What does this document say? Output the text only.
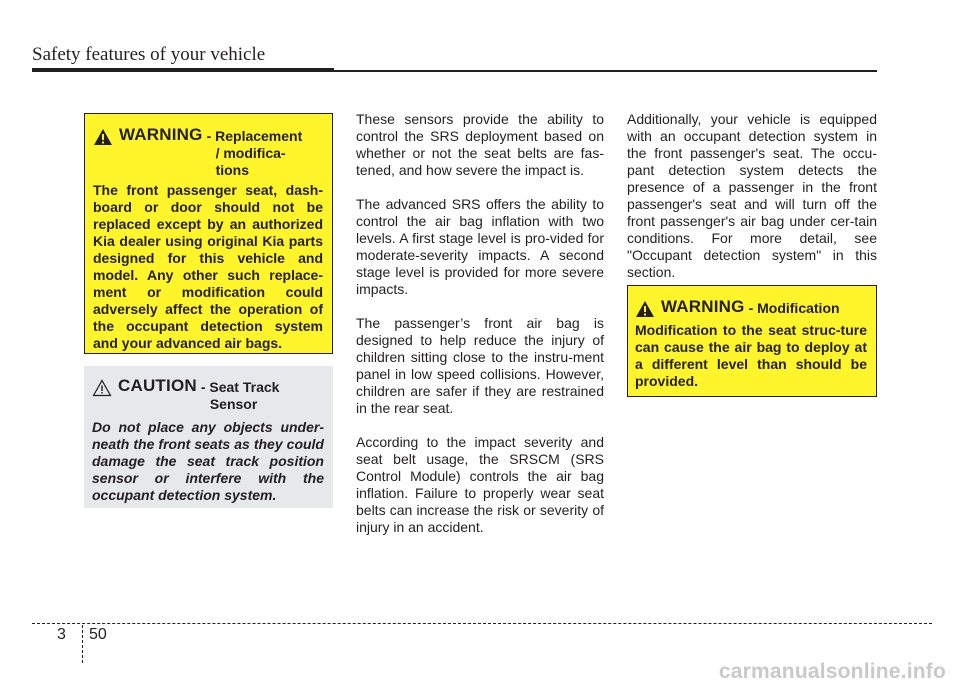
Safety features of your vehicle
WARNING - Replacement
/ modifica-
tions
The front passenger seat, dash-board or door should not be replaced except by an authorized Kia dealer using original Kia parts designed for this vehicle and model. Any other such replace-ment or modification could adversely affect the operation of the occupant detection system and your advanced air bags.
CAUTION - Seat Track
Sensor
Do not place any objects under-neath the front seats as they could damage the seat track position sensor or interfere with the occupant detection system.

These sensors provide the ability to control the SRS deployment based on whether or not the seat belts are fas-tened, and how severe the impact is.

The advanced SRS offers the ability to control the air bag inflation with two levels. A first stage level is pro-vided for moderate-severity impacts. A second stage level is provided for more severe impacts.

The passenger’s front air bag is designed to help reduce the injury of children sitting close to the instru-ment panel in low speed collisions. However, children are safer if they are restrained in the rear seat.

According to the impact severity and seat belt usage, the SRSCM (SRS Control Module) controls the air bag inflation. Failure to properly wear seat belts can increase the risk or severity of injury in an accident.

Additionally, your vehicle is equipped with an occupant detection system in the front passenger's seat. The occu-pant detection system detects the presence of a passenger in the front passenger's seat and will turn off the front passenger's air bag under cer-tain conditions. For more detail, see "Occupant detection system" in this section.

WARNING - Modification
Modification to the seat struc-ture can cause the air bag to deploy at a different level than should be provided.
3 50
carmanualsonline.info
